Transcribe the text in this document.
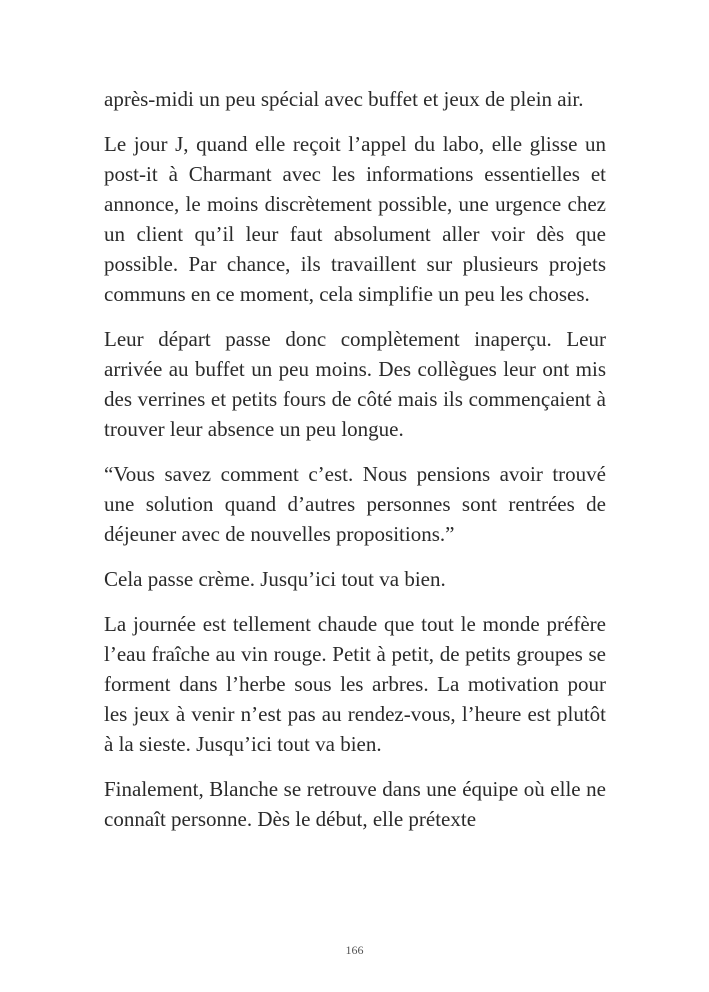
après-midi un peu spécial avec buffet et jeux de plein air.

Le jour J, quand elle reçoit l’appel du labo, elle glisse un post-it à Charmant avec les informations essentielles et annonce, le moins discrètement possible, une urgence chez un client qu’il leur faut absolument aller voir dès que possible. Par chance, ils travaillent sur plusieurs projets communs en ce moment, cela simplifie un peu les choses.

Leur départ passe donc complètement inaperçu. Leur arrivée au buffet un peu moins. Des collègues leur ont mis des verrines et petits fours de côté mais ils commençaient à trouver leur absence un peu longue.

“Vous savez comment c’est. Nous pensions avoir trouvé une solution quand d’autres personnes sont rentrées de déjeuner avec de nouvelles propositions.”

Cela passe crème. Jusqu’ici tout va bien.

La journée est tellement chaude que tout le monde préfère l’eau fraîche au vin rouge. Petit à petit, de petits groupes se forment dans l’herbe sous les arbres. La motivation pour les jeux à venir n’est pas au rendez-vous, l’heure est plutôt à la sieste. Jusqu’ici tout va bien.

Finalement, Blanche se retrouve dans une équipe où elle ne connaît personne. Dès le début, elle prétexte

166
